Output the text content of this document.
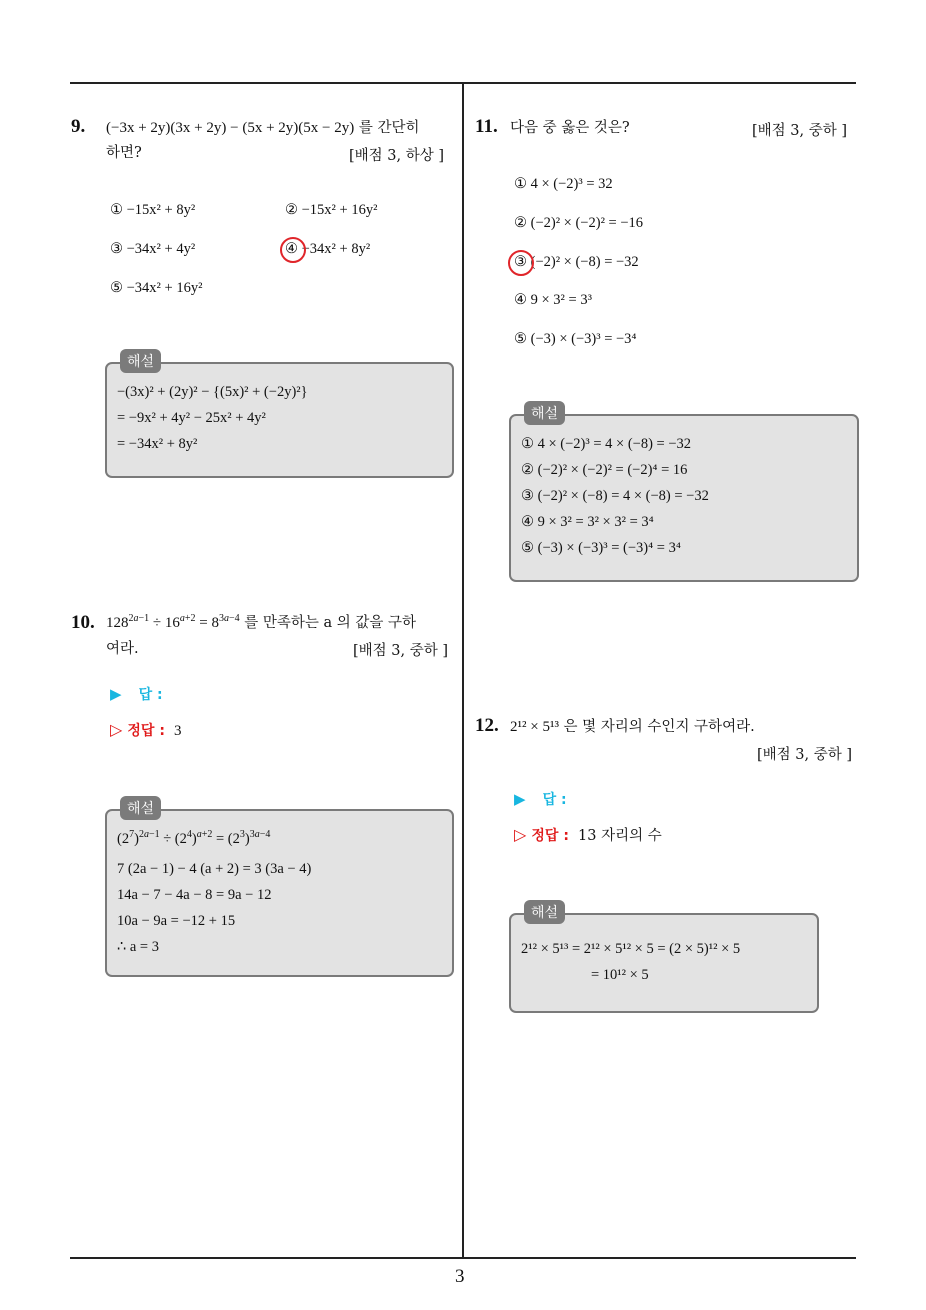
9. (−3x + 2y)(3x + 2y) − (5x + 2y)(5x − 2y) 를 간단히
하면?	[배점 3, 하상 ]
① −15x² + 8y²	② −15x² + 16y²
③ −34x² + 4y²	④ −34x² + 8y²
⑤ −34x² + 16y²
−(3x)² + (2y)² − {(5x)² + (−2y)²}
= −9x² + 4y² − 25x² + 4y²
= −34x² + 8y²
해설
10. $128^{2a-1} \div 16^{a+2} = 8^{3a-4}$ 를 만족하는 a 의 값을 구하
여라.	[배점 3, 중하 ]
▶ 답 :
▷ 정답 : 3
$(2^7)^{2a-1} \div (2^4)^{a+2} = (2^3)^{3a-4}$
7 (2a − 1) − 4 (a + 2) = 3 (3a − 4)
14a − 7 − 4a − 8 = 9a − 12
10a − 9a = −12 + 15
∴ a = 3
해설
11. 다음 중 옳은 것은?	[배점 3, 중하 ]
① 4 × (−2)³ = 32
② (−2)² × (−2)² = −16
③ (−2)² × (−8) = −32
④ 9 × 3² = 3³
⑤ (−3) × (−3)³ = −3⁴
① 4 × (−2)³ = 4 × (−8) = −32
② (−2)² × (−2)² = (−2)⁴ = 16
③ (−2)² × (−8) = 4 × (−8) = −32
④ 9 × 3² = 3² × 3² = 3⁴
⑤ (−3) × (−3)³ = (−3)⁴ = 3⁴
해설
12. 2¹² × 5¹³ 은 몇 자리의 수인지 구하여라.
[배점 3, 중하 ]
▶ 답 :
▷ 정답 : 13 자리의 수
2¹² × 5¹³ = 2¹² × 5¹² × 5 = (2 × 5)¹² × 5
= 10¹² × 5
해설
3
